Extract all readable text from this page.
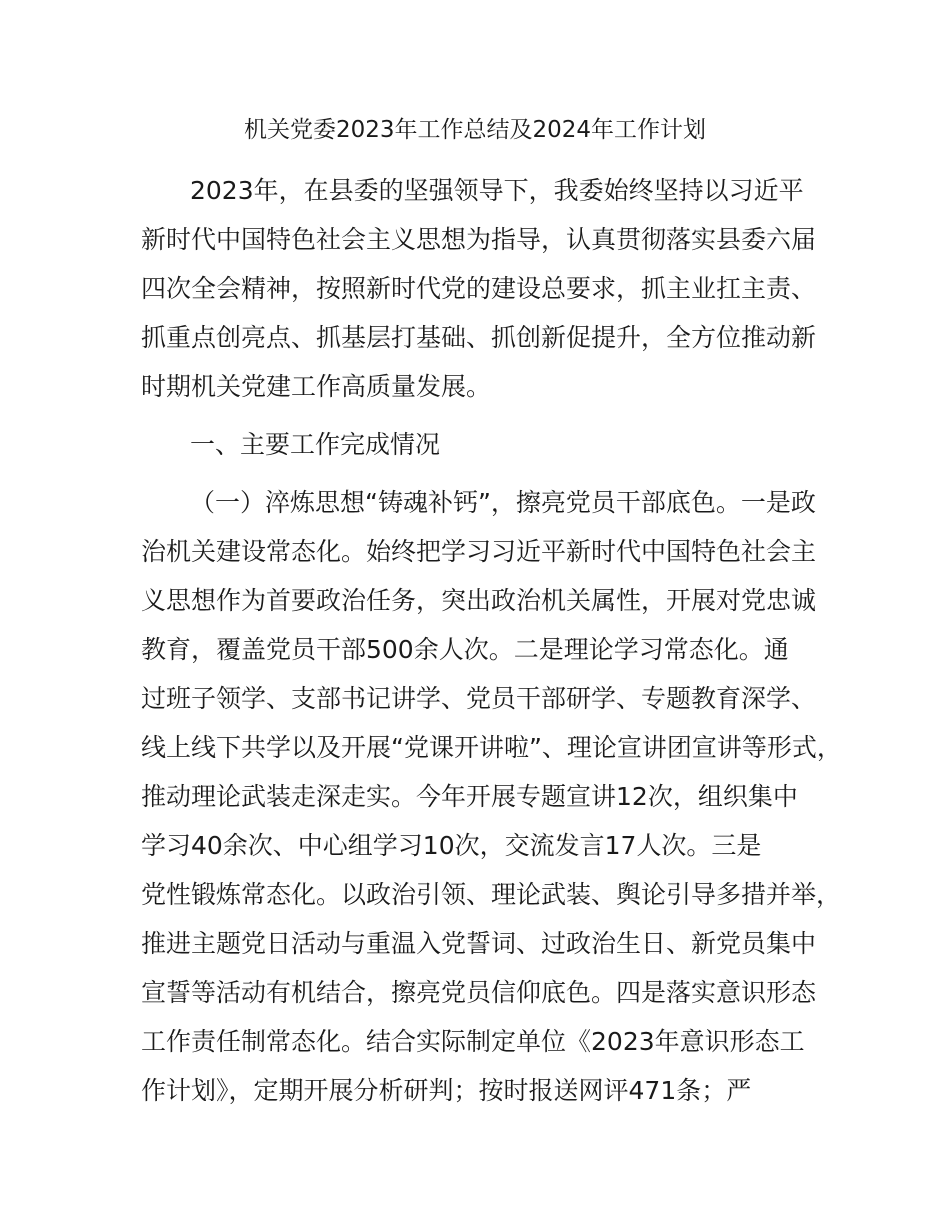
机关党委2023年工作总结及2024年工作计划
2023年，在县委的坚强领导下，我委始终坚持以习近平
新时代中国特色社会主义思想为指导，认真贯彻落实县委六届
四次全会精神，按照新时代党的建设总要求，抓主业扛主责、
抓重点创亮点、抓基层打基础、抓创新促提升，全方位推动新
时期机关党建工作高质量发展。
一、主要工作完成情况
（一）淬炼思想“铸魂补钙”，擦亮党员干部底色。一是政
治机关建设常态化。始终把学习习近平新时代中国特色社会主
义思想作为首要政治任务，突出政治机关属性，开展对党忠诚
教育，覆盖党员干部500余人次。二是理论学习常态化。通
过班子领学、支部书记讲学、党员干部研学、专题教育深学、
线上线下共学以及开展“党课开讲啦”、理论宣讲团宣讲等形式，
推动理论武装走深走实。今年开展专题宣讲12次，组织集中
学习40余次、中心组学习10次，交流发言17人次。三是
党性锻炼常态化。以政治引领、理论武装、舆论引导多措并举，
推进主题党日活动与重温入党誓词、过政治生日、新党员集中
宣誓等活动有机结合，擦亮党员信仰底色。四是落实意识形态
工作责任制常态化。结合实际制定单位《2023年意识形态工
作计划》，定期开展分析研判；按时报送网评471条；严
